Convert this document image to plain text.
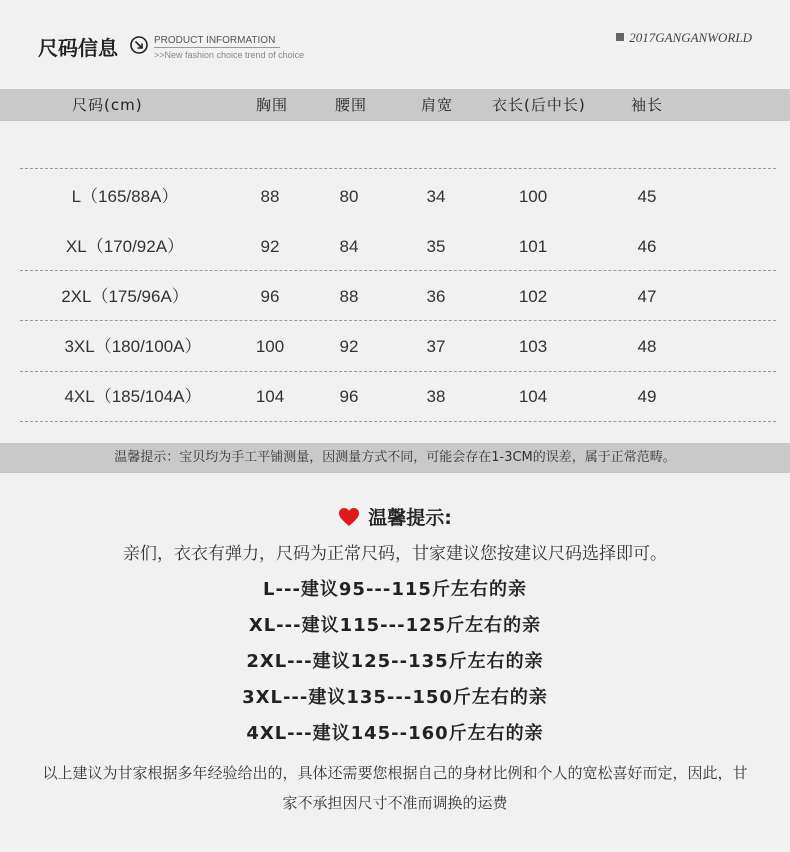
尺码信息	PRODUCT INFORMATION
>>New fashion choice trend of choice
2017GANGANWORLD
尺码(cm)	胸围	腰围	肩宽	衣长(后中长)	袖长
L（165/88A）	88	80	34	100	45
XL（170/92A）	92	84	35	101	46
2XL（175/96A）	96	88	36	102	47
3XL（180/100A）	100	92	37	103	48
4XL（185/104A）	104	96	38	104	49
温馨提示：宝贝均为手工平铺测量，因测量方式不同，可能会存在1-3CM的误差，属于正常范畴。
温馨提示:
亲们，衣衣有弹力，尺码为正常尺码，甘家建议您按建议尺码选择即可。
L---建议95---115斤左右的亲
XL---建议115---125斤左右的亲
2XL---建议125--135斤左右的亲
3XL---建议135---150斤左右的亲
4XL---建议145--160斤左右的亲
以上建议为甘家根据多年经验给出的，具体还需要您根据自己的身材比例和个人的宽松喜好而定，因此，甘家不承担因尺寸不准而调换的运费
